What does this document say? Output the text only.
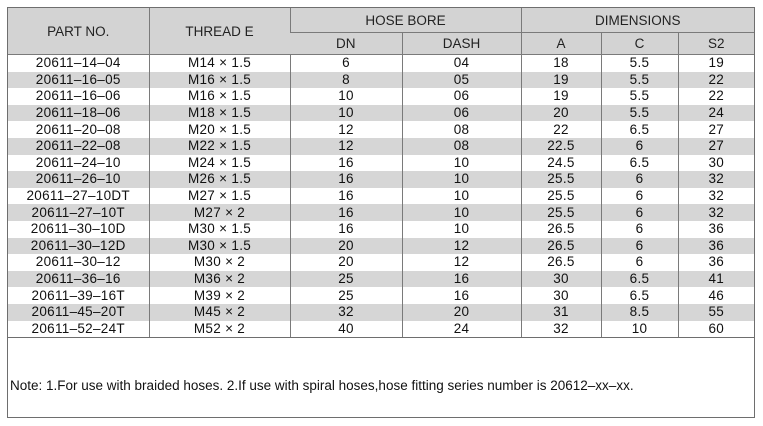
PART NO.	THREAD E	HOSE BORE		DIMENSIONS		
		DN	DASH	A	C	S2
20611–14–04	M14 × 1.5	6	04	18	5.5	19
20611–16–05	M16 × 1.5	8	05	19	5.5	22
20611–16–06	M16 × 1.5	10	06	19	5.5	22
20611–18–06	M18 × 1.5	10	06	20	5.5	24
20611–20–08	M20 × 1.5	12	08	22	6.5	27
20611–22–08	M22 × 1.5	12	08	22.5	6	27
20611–24–10	M24 × 1.5	16	10	24.5	6.5	30
20611–26–10	M26 × 1.5	16	10	25.5	6	32
20611–27–10DT	M27 × 1.5	16	10	25.5	6	32
20611–27–10T	M27 × 2	16	10	25.5	6	32
20611–30–10D	M30 × 1.5	16	10	26.5	6	36
20611–30–12D	M30 × 1.5	20	12	26.5	6	36
20611–30–12	M30 × 2	20	12	26.5	6	36
20611–36–16	M36 × 2	25	16	30	6.5	41
20611–39–16T	M39 × 2	25	16	30	6.5	46
20611–45–20T	M45 × 2	32	20	31	8.5	55
20611–52–24T	M52 × 2	40	24	32	10	60
Note: 1.For use with braided hoses. 2.If use with spiral hoses,hose fitting series number is 20612–xx–xx.
